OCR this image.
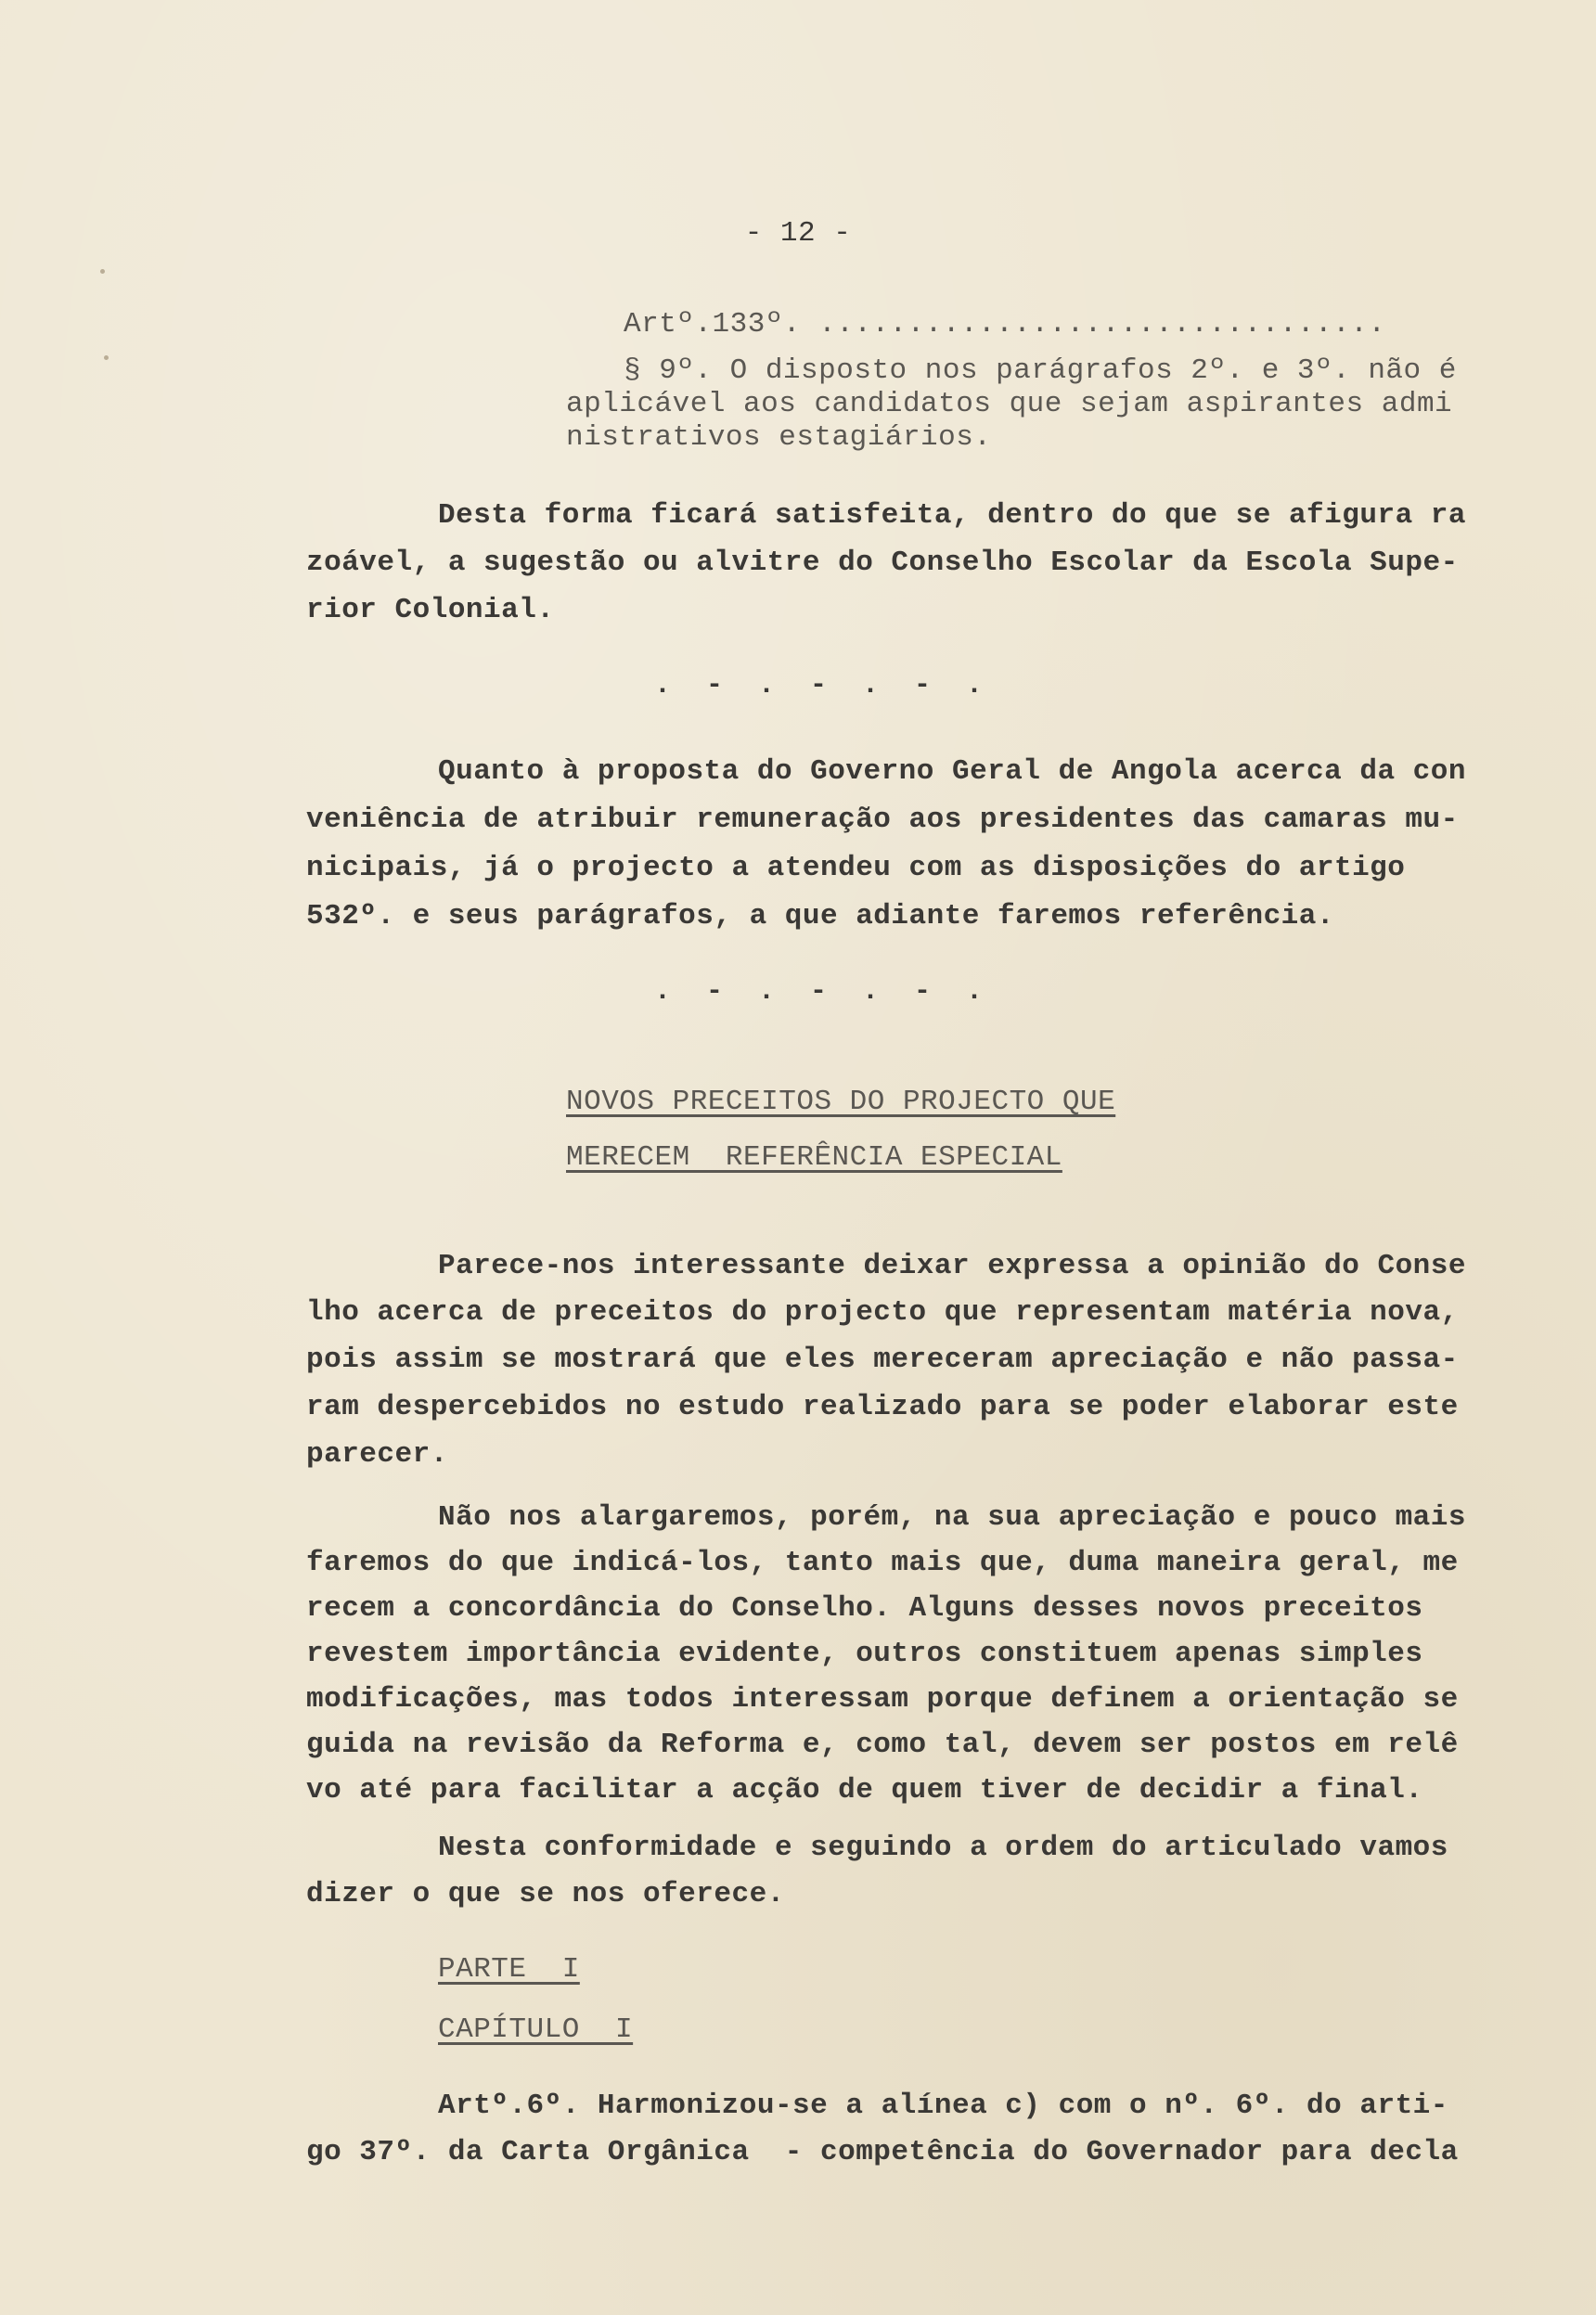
- 12 -
Artº.133º. ................................
§ 9º. O disposto nos parágrafos 2º. e 3º. não é
aplicável aos candidatos que sejam aspirantes admi
nistrativos estagiários.
Desta forma ficará satisfeita, dentro do que se afigura ra
zoável, a sugestão ou alvitre do Conselho Escolar da Escola Supe-
rior Colonial.
. - . - . - .
Quanto à proposta do Governo Geral de Angola acerca da con
veniência de atribuir remuneração aos presidentes das camaras mu-
nicipais, já o projecto a atendeu com as disposições do artigo
532º. e seus parágrafos, a que adiante faremos referência.
. - . - . - .
NOVOS PRECEITOS DO PROJECTO QUE
MERECEM  REFERÊNCIA ESPECIAL
Parece-nos interessante deixar expressa a opinião do Conse
lho acerca de preceitos do projecto que representam matéria nova,
pois assim se mostrará que eles mereceram apreciação e não passa-
ram despercebidos no estudo realizado para se poder elaborar este
parecer.
Não nos alargaremos, porém, na sua apreciação e pouco mais
faremos do que indicá-los, tanto mais que, duma maneira geral, me
recem a concordância do Conselho. Alguns desses novos preceitos
revestem importância evidente, outros constituem apenas simples
modificações, mas todos interessam porque definem a orientação se
guida na revisão da Reforma e, como tal, devem ser postos em relê
vo até para facilitar a acção de quem tiver de decidir a final.
Nesta conformidade e seguindo a ordem do articulado vamos
dizer o que se nos oferece.
PARTE  I
CAPÍTULO  I
Artº.6º. Harmonizou-se a alínea c) com o nº. 6º. do arti-
go 37º. da Carta Orgânica  - competência do Governador para decla
